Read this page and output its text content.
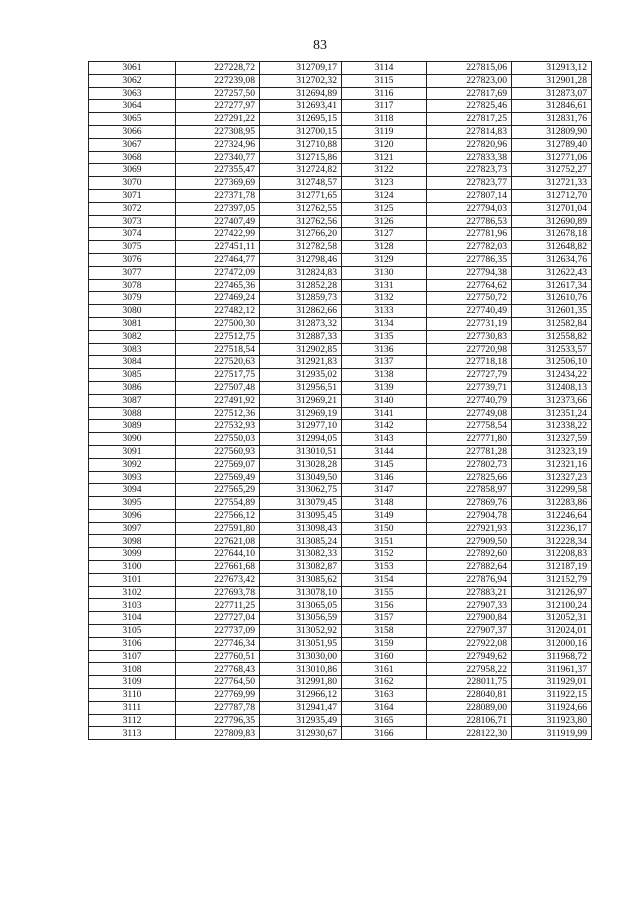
83
3061	227228,72	312709,17	3114	227815,06	312913,12
3062	227239,08	312702,32	3115	227823,00	312901,28
3063	227257,50	312694,89	3116	227817,69	312873,07
3064	227277,97	312693,41	3117	227825,46	312846,61
3065	227291,22	312695,15	3118	227817,25	312831,76
3066	227308,95	312700,15	3119	227814,83	312809,90
3067	227324,96	312710,88	3120	227820,96	312789,40
3068	227340,77	312715,86	3121	227833,38	312771,06
3069	227355,47	312724,82	3122	227823,73	312752,27
3070	227369,69	312748,57	3123	227823,77	312721,33
3071	227371,78	312771,65	3124	227807,14	312712,70
3072	227397,05	312762,55	3125	227794,03	312701,04
3073	227407,49	312762,56	3126	227786,53	312690,89
3074	227422,99	312766,20	3127	227781,96	312678,18
3075	227451,11	312782,58	3128	227782,03	312648,82
3076	227464,77	312798,46	3129	227786,35	312634,76
3077	227472,09	312824,83	3130	227794,38	312622,43
3078	227465,36	312852,28	3131	227764,62	312617,34
3079	227469,24	312859,73	3132	227750,72	312610,76
3080	227482,12	312862,66	3133	227740,49	312601,35
3081	227500,30	312873,32	3134	227731,19	312582,84
3082	227512,75	312887,33	3135	227730,83	312558,82
3083	227518,54	312902,85	3136	227720,98	312533,57
3084	227520,63	312921,83	3137	227718,18	312506,10
3085	227517,75	312935,02	3138	227727,79	312434,22
3086	227507,48	312956,51	3139	227739,71	312408,13
3087	227491,92	312969,21	3140	227740,79	312373,66
3088	227512,36	312969,19	3141	227749,08	312351,24
3089	227532,93	312977,10	3142	227758,54	312338,22
3090	227550,03	312994,05	3143	227771,80	312327,59
3091	227560,93	313010,51	3144	227781,28	312323,19
3092	227569,07	313028,28	3145	227802,73	312321,16
3093	227569,49	313049,50	3146	227825,66	312327,23
3094	227565,29	313062,75	3147	227858,97	312299,58
3095	227554,89	313079,45	3148	227869,76	312283,86
3096	227566,12	313095,45	3149	227904,78	312246,64
3097	227591,80	313098,43	3150	227921,93	312236,17
3098	227621,08	313085,24	3151	227909,50	312228,34
3099	227644,10	313082,33	3152	227892,60	312208,83
3100	227661,68	313082,87	3153	227882,64	312187,19
3101	227673,42	313085,62	3154	227876,94	312152,79
3102	227693,78	313078,10	3155	227883,21	312126,97
3103	227711,25	313065,05	3156	227907,33	312100,24
3104	227727,04	313056,59	3157	227900,84	312052,31
3105	227737,09	313052,92	3158	227907,37	312024,01
3106	227746,34	313051,95	3159	227922,08	312000,16
3107	227760,51	313030,00	3160	227949,62	311968,72
3108	227768,43	313010,86	3161	227958,22	311961,37
3109	227764,50	312991,80	3162	228011,75	311929,01
3110	227769,99	312966,12	3163	228040,81	311922,15
3111	227787,78	312941,47	3164	228089,00	311924,66
3112	227796,35	312935,49	3165	228106,71	311923,80
3113	227809,83	312930,67	3166	228122,30	311919,99
